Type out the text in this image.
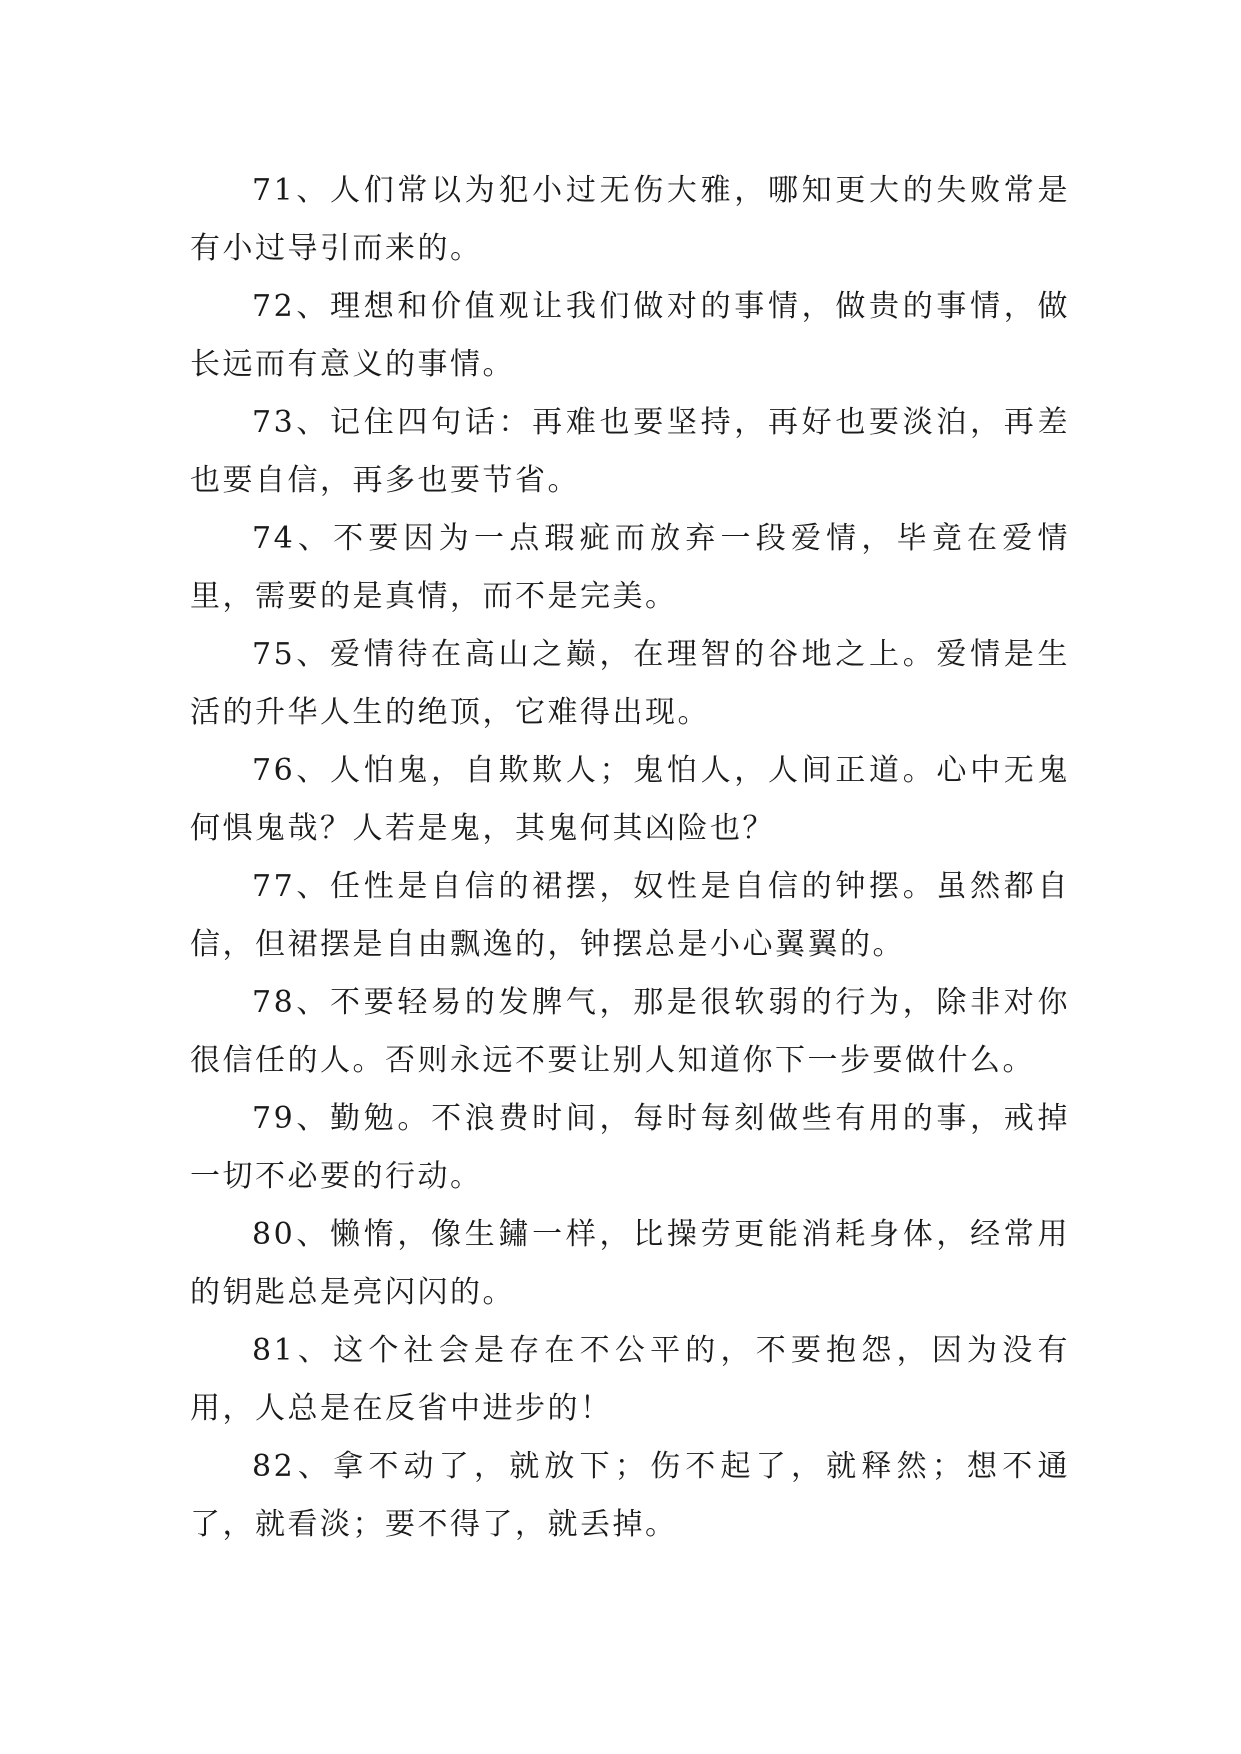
71、人们常以为犯小过无伤大雅，哪知更大的失败常是有小过导引而来的。

72、理想和价值观让我们做对的事情，做贵的事情，做长远而有意义的事情。

73、记住四句话：再难也要坚持，再好也要淡泊，再差也要自信，再多也要节省。

74、不要因为一点瑕疵而放弃一段爱情，毕竟在爱情里，需要的是真情，而不是完美。

75、爱情待在高山之巅，在理智的谷地之上。爱情是生活的升华人生的绝顶，它难得出现。

76、人怕鬼，自欺欺人；鬼怕人，人间正道。心中无鬼何惧鬼哉？人若是鬼，其鬼何其凶险也？

77、任性是自信的裙摆，奴性是自信的钟摆。虽然都自信，但裙摆是自由飘逸的，钟摆总是小心翼翼的。

78、不要轻易的发脾气，那是很软弱的行为，除非对你很信任的人。否则永远不要让别人知道你下一步要做什么。

79、勤勉。不浪费时间，每时每刻做些有用的事，戒掉一切不必要的行动。

80、懒惰，像生鏽一样，比操劳更能消耗身体，经常用的钥匙总是亮闪闪的。

81、这个社会是存在不公平的，不要抱怨，因为没有用，人总是在反省中进步的！

82、拿不动了，就放下；伤不起了，就释然；想不通了，就看淡；要不得了，就丢掉。
